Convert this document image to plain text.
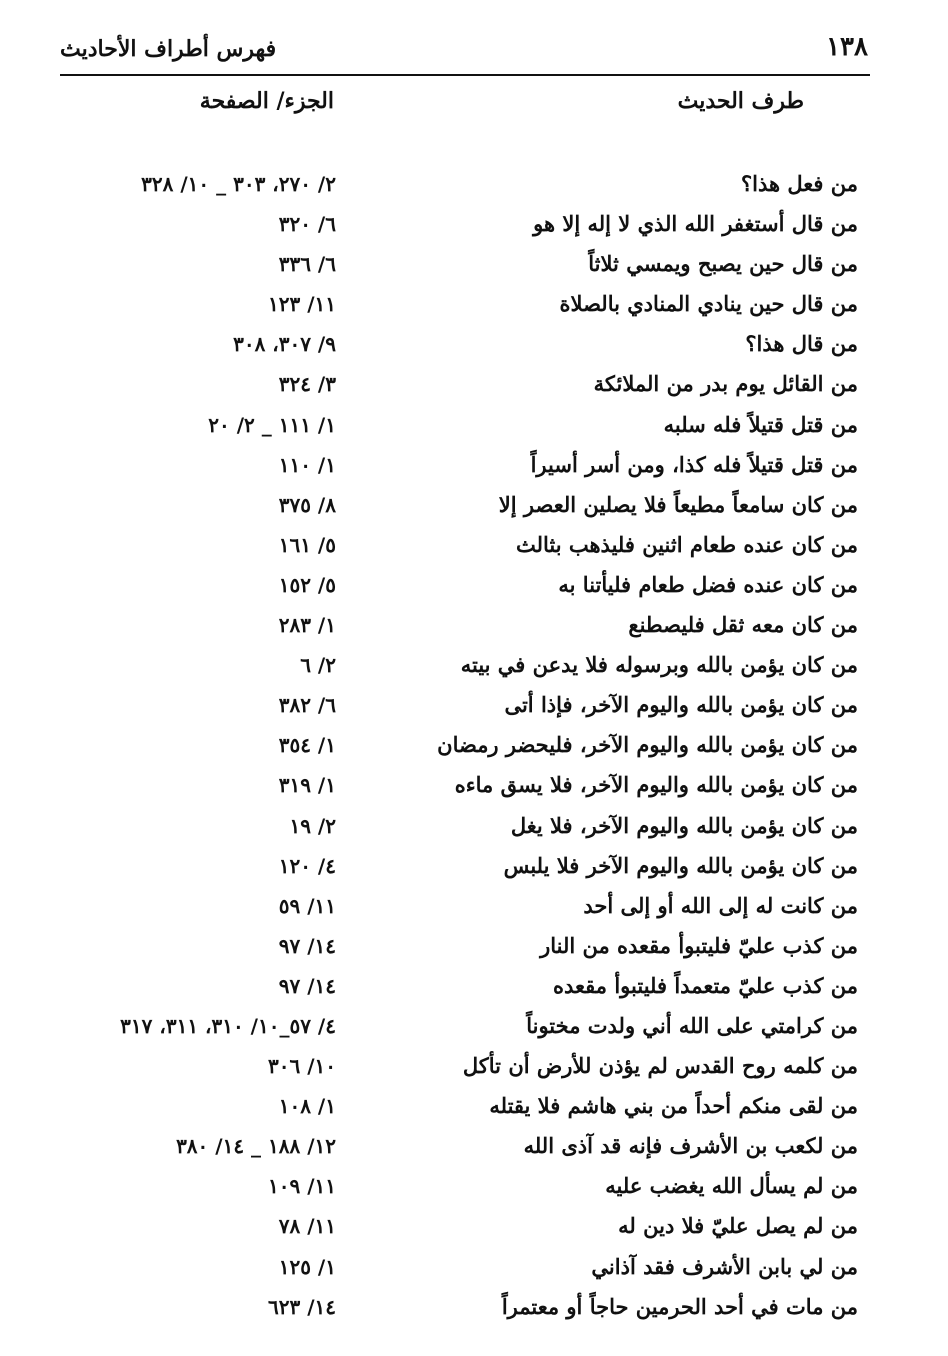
١٣٨
فهرس أطراف الأحاديث
طرف الحديث
الجزء/ الصفحة
من فعل هذا؟
٢/ ٢٧٠، ٣٠٣ _ ١٠/ ٣٢٨
من قال أستغفر الله الذي لا إله إلا هو
٦/ ٣٢٠
من قال حين يصبح ويمسي ثلاثاً
٦/ ٣٣٦
من قال حين ينادي المنادي بالصلاة
١١/ ١٢٣
من قال هذا؟
٩/ ٣٠٧، ٣٠٨
من القائل يوم بدر من الملائكة
٣/ ٣٢٤
من قتل قتيلاً فله سلبه
١/ ١١١ _ ٢/ ٢٠
من قتل قتيلاً فله كذا، ومن أسر أسيراً
١/ ١١٠
من كان سامعاً مطيعاً فلا يصلين العصر إلا
٨/ ٣٧٥
من كان عنده طعام اثنين فليذهب بثالث
٥/ ١٦١
من كان عنده فضل طعام فليأتنا به
٥/ ١٥٢
من كان معه ثقل فليصطنع
١/ ٢٨٣
من كان يؤمن بالله وبرسوله فلا يدعن في بيته
٢/ ٦
من كان يؤمن بالله واليوم الآخر، فإذا أتى
٦/ ٣٨٢
من كان يؤمن بالله واليوم الآخر، فليحضر رمضان
١/ ٣٥٤
من كان يؤمن بالله واليوم الآخر، فلا يسق ماءه
١/ ٣١٩
من كان يؤمن بالله واليوم الآخر، فلا يغل
٢/ ١٩
من كان يؤمن بالله واليوم الآخر فلا يلبس
٤/ ١٢٠
من كانت له إلى الله أو إلى أحد
١١/ ٥٩
من كذب عليّ فليتبوأ مقعده من النار
١٤/ ٩٧
من كذب عليّ متعمداً فليتبوأ مقعده
١٤/ ٩٧
من كرامتي على الله أني ولدت مختوناً
٤/ ٥٧_١٠/ ٣١٠، ٣١١، ٣١٧
من كلمه روح القدس لم يؤذن للأرض أن تأكل
١٠/ ٣٠٦
من لقى منكم أحداً من بني هاشم فلا يقتله
١/ ١٠٨
من لكعب بن الأشرف فإنه قد آذى الله
١٢/ ١٨٨ _ ١٤/ ٣٨٠
من لم يسأل الله يغضب عليه
١١/ ١٠٩
من لم يصل عليّ فلا دين له
١١/ ٧٨
من لي بابن الأشرف فقد آذاني
١/ ١٢٥
من مات في أحد الحرمين حاجاً أو معتمراً
١٤/ ٦٢٣
